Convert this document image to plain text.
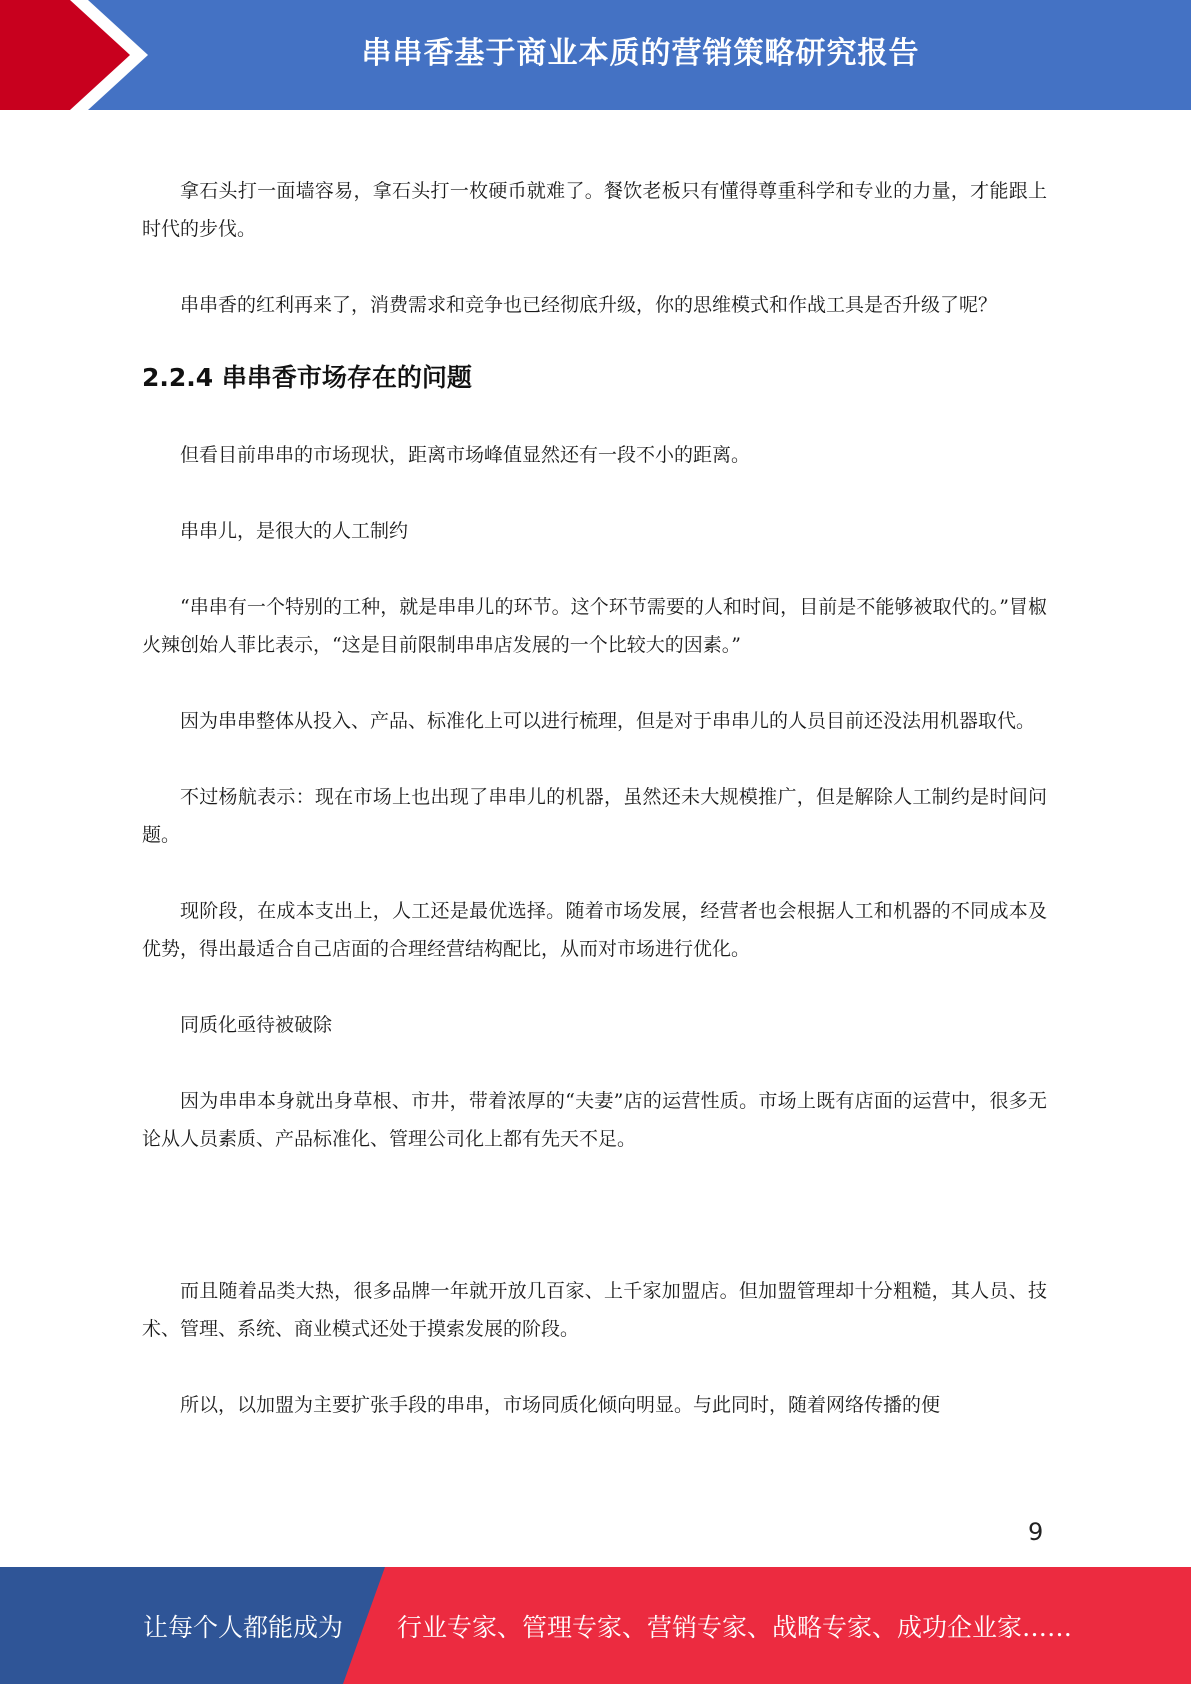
串串香基于商业本质的营销策略研究报告

拿石头打一面墙容易，拿石头打一枚硬币就难了。餐饮老板只有懂得尊重科学和专业的力量，才能跟上时代的步伐。

串串香的红利再来了，消费需求和竞争也已经彻底升级，你的思维模式和作战工具是否升级了呢？

2.2.4 串串香市场存在的问题

但看目前串串的市场现状，距离市场峰值显然还有一段不小的距离。

串串儿，是很大的人工制约

“串串有一个特别的工种，就是串串儿的环节。这个环节需要的人和时间，目前是不能够被取代的。”冒椒火辣创始人菲比表示，“这是目前限制串串店发展的一个比较大的因素。”

因为串串整体从投入、产品、标准化上可以进行梳理，但是对于串串儿的人员目前还没法用机器取代。

不过杨航表示：现在市场上也出现了串串儿的机器，虽然还未大规模推广，但是解除人工制约是时间问题。

现阶段，在成本支出上，人工还是最优选择。随着市场发展，经营者也会根据人工和机器的不同成本及优势，得出最适合自己店面的合理经营结构配比，从而对市场进行优化。

同质化亟待被破除

因为串串本身就出身草根、市井，带着浓厚的“夫妻”店的运营性质。市场上既有店面的运营中，很多无论从人员素质、产品标准化、管理公司化上都有先天不足。

而且随着品类大热，很多品牌一年就开放几百家、上千家加盟店。但加盟管理却十分粗糙，其人员、技术、管理、系统、商业模式还处于摸索发展的阶段。

所以，以加盟为主要扩张手段的串串，市场同质化倾向明显。与此同时，随着网络传播的便

9
让每个人都能成为 行业专家、管理专家、营销专家、战略专家、成功企业家……
